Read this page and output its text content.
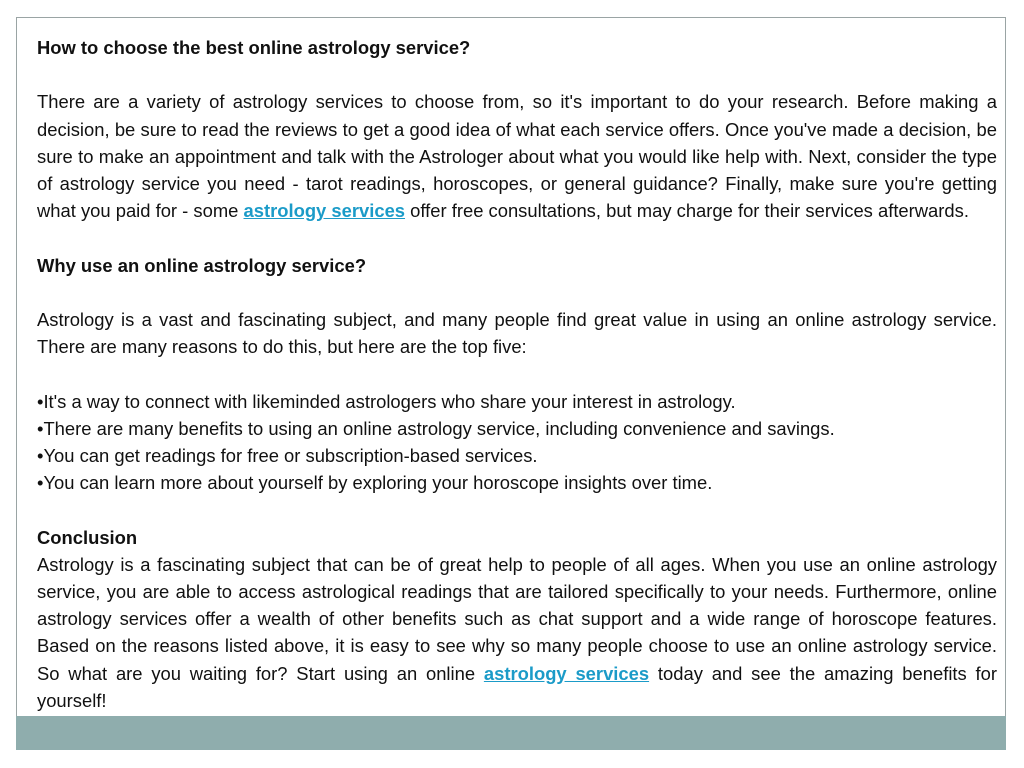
How to choose the best online astrology service?

There are a variety of astrology services to choose from, so it's important to do your research. Before making a decision, be sure to read the reviews to get a good idea of what each service offers. Once you've made a decision, be sure to make an appointment and talk with the Astrologer about what you would like help with. Next, consider the type of astrology service you need - tarot readings, horoscopes, or general guidance? Finally, make sure you're getting what you paid for - some astrology services offer free consultations, but may charge for their services afterwards.

Why use an online astrology service?

Astrology is a vast and fascinating subject, and many people find great value in using an online astrology service. There are many reasons to do this, but here are the top five:

•It's a way to connect with likeminded astrologers who share your interest in astrology.

•There are many benefits to using an online astrology service, including convenience and savings.

•You can get readings for free or subscription-based services.

•You can learn more about yourself by exploring your horoscope insights over time.

Conclusion

Astrology is a fascinating subject that can be of great help to people of all ages. When you use an online astrology service, you are able to access astrological readings that are tailored specifically to your needs. Furthermore, online astrology services offer a wealth of other benefits such as chat support and a wide range of horoscope features. Based on the reasons listed above, it is easy to see why so many people choose to use an online astrology service. So what are you waiting for? Start using an online astrology services today and see the amazing benefits for yourself!
